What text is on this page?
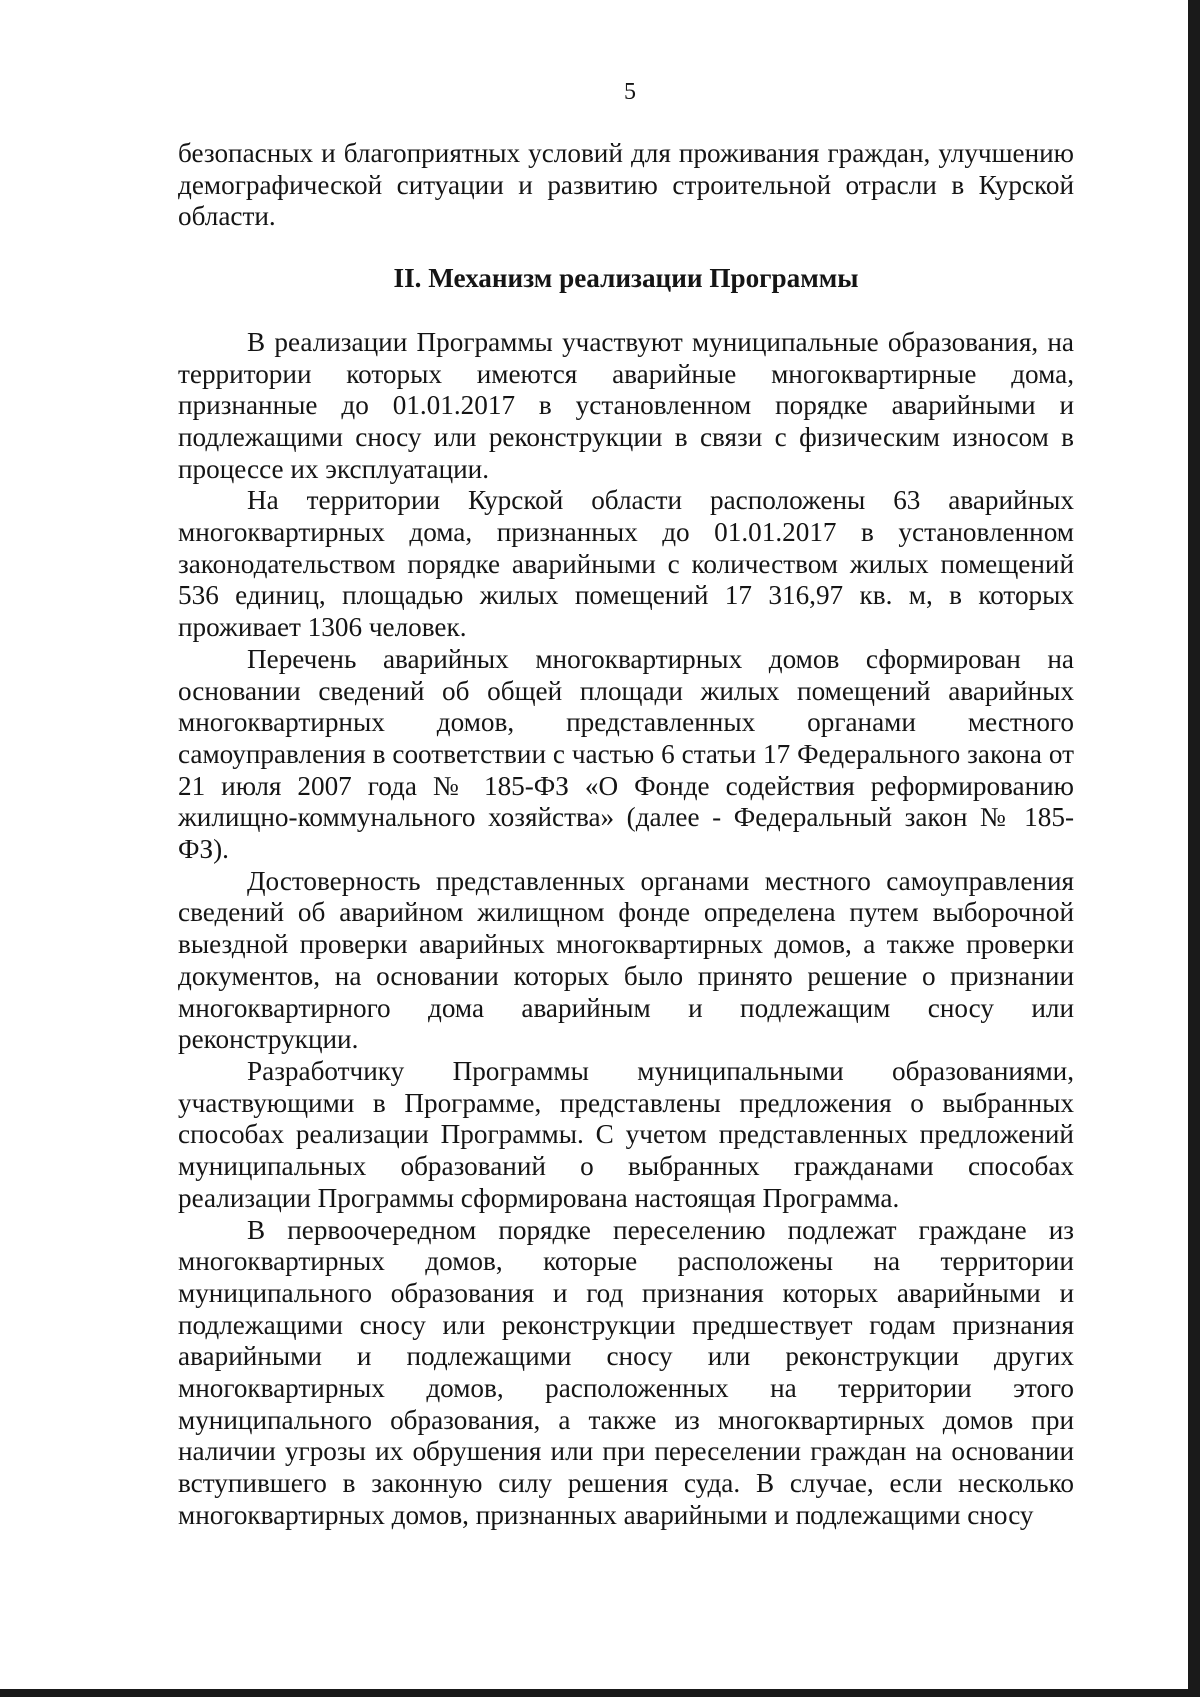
5

безопасных и благоприятных условий для проживания граждан, улучшению демографической ситуации и развитию строительной отрасли в Курской области.

II. Механизм реализации Программы

В реализации Программы участвуют муниципальные образования, на территории которых имеются аварийные многоквартирные дома, признанные до 01.01.2017 в установленном порядке аварийными и подлежащими сносу или реконструкции в связи с физическим износом в процессе их эксплуатации.

На территории Курской области расположены 63 аварийных многоквартирных дома, признанных до 01.01.2017 в установленном законодательством порядке аварийными с количеством жилых помещений 536 единиц, площадью жилых помещений 17 316,97 кв. м, в которых проживает 1306 человек.

Перечень аварийных многоквартирных домов сформирован на основании сведений об общей площади жилых помещений аварийных многоквартирных домов, представленных органами местного самоуправления в соответствии с частью 6 статьи 17 Федерального закона от 21 июля 2007 года № 185-ФЗ «О Фонде содействия реформированию жилищно-коммунального хозяйства» (далее - Федеральный закон № 185-ФЗ).

Достоверность представленных органами местного самоуправления сведений об аварийном жилищном фонде определена путем выборочной выездной проверки аварийных многоквартирных домов, а также проверки документов, на основании которых было принято решение о признании многоквартирного дома аварийным и подлежащим сносу или реконструкции.

Разработчику Программы муниципальными образованиями, участвующими в Программе, представлены предложения о выбранных способах реализации Программы. С учетом представленных предложений муниципальных образований о выбранных гражданами способах реализации Программы сформирована настоящая Программа.

В первоочередном порядке переселению подлежат граждане из многоквартирных домов, которые расположены на территории муниципального образования и год признания которых аварийными и подлежащими сносу или реконструкции предшествует годам признания аварийными и подлежащими сносу или реконструкции других многоквартирных домов, расположенных на территории этого муниципального образования, а также из многоквартирных домов при наличии угрозы их обрушения или при переселении граждан на основании вступившего в законную силу решения суда. В случае, если несколько многоквартирных домов, признанных аварийными и подлежащими сносу
